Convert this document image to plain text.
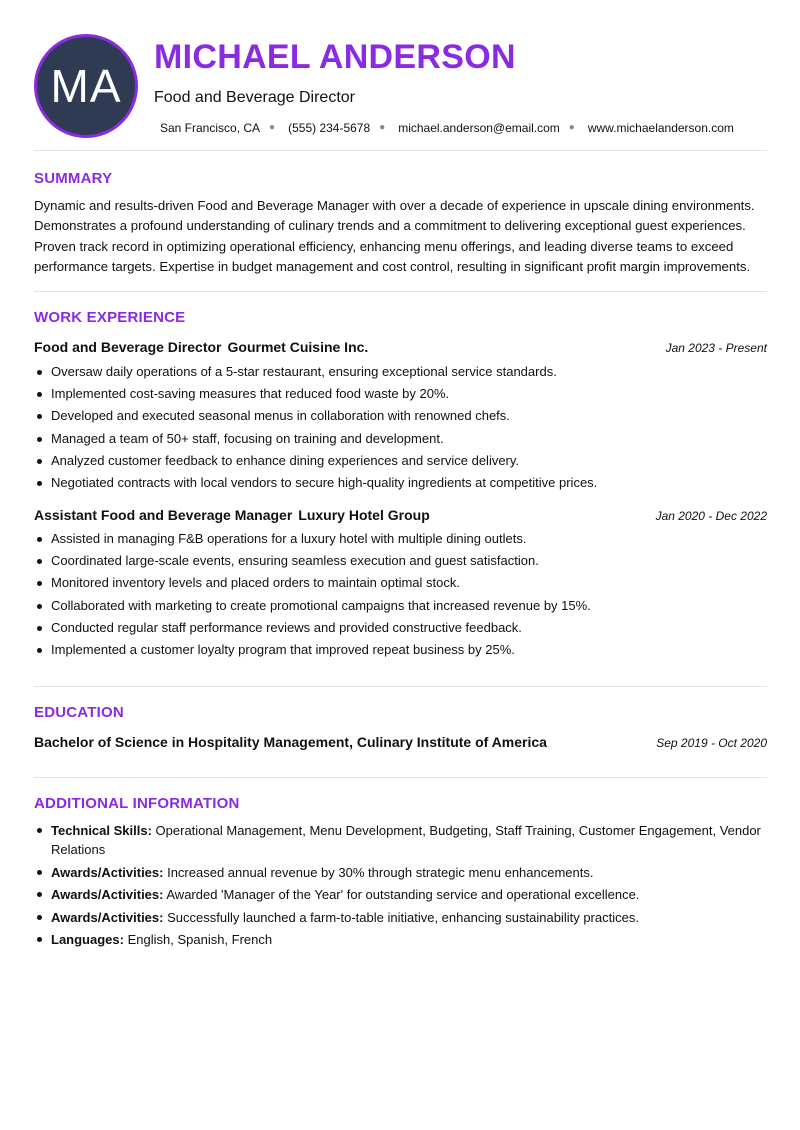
MA
MICHAEL ANDERSON
Food and Beverage Director
San Francisco, CA ● (555) 234-5678 ● michael.anderson@email.com ● www.michaelanderson.com
SUMMARY

Dynamic and results-driven Food and Beverage Manager with over a decade of experience in upscale dining environments. Demonstrates a profound understanding of culinary trends and a commitment to delivering exceptional guest experiences. Proven track record in optimizing operational efficiency, enhancing menu offerings, and leading diverse teams to exceed performance targets. Expertise in budget management and cost control, resulting in significant profit margin improvements.

WORK EXPERIENCE
Food and Beverage Director Gourmet Cuisine Inc.	Jan 2023 - Present
Oversaw daily operations of a 5-star restaurant, ensuring exceptional service standards.
Implemented cost-saving measures that reduced food waste by 20%.
Developed and executed seasonal menus in collaboration with renowned chefs.
Managed a team of 50+ staff, focusing on training and development.
Analyzed customer feedback to enhance dining experiences and service delivery.
Negotiated contracts with local vendors to secure high-quality ingredients at competitive prices.
Assistant Food and Beverage Manager Luxury Hotel Group	Jan 2020 - Dec 2022
Assisted in managing F&B operations for a luxury hotel with multiple dining outlets.
Coordinated large-scale events, ensuring seamless execution and guest satisfaction.
Monitored inventory levels and placed orders to maintain optimal stock.
Collaborated with marketing to create promotional campaigns that increased revenue by 15%.
Conducted regular staff performance reviews and provided constructive feedback.
Implemented a customer loyalty program that improved repeat business by 25%.
EDUCATION
Bachelor of Science in Hospitality Management, Culinary Institute of America	Sep 2019 - Oct 2020
ADDITIONAL INFORMATION
Technical Skills: Operational Management, Menu Development, Budgeting, Staff Training, Customer Engagement, Vendor Relations
Awards/Activities: Increased annual revenue by 30% through strategic menu enhancements.
Awards/Activities: Awarded 'Manager of the Year' for outstanding service and operational excellence.
Awards/Activities: Successfully launched a farm-to-table initiative, enhancing sustainability practices.
Languages: English, Spanish, French
